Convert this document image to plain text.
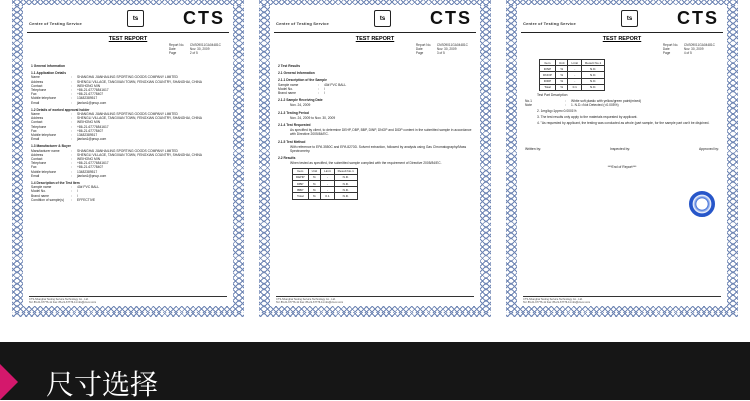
Centre of Testing Service
ts	CTS
TEST REPORT
Report No.	CNS09011GA04481C
Date	Nov. 30, 2009
Page	2 of 5
1 General Information
1.1 Application Details
Name	:	SHANGHAI JIANHAILING SPORTING GOODS COMPANY LIMITED
Address	:	SHENGLI VILLAGE, TANGXIAN TOWN, FENGXIAN COUNTRY, SHANGHAI, CHINA
Contact	:	WEIHONG MIN
Telephone	:	+86-21-67776841617
Fax	:	+86-21-67778407
Mobile telephone	:	13482389517
Email	:	jianlan1@pnup.com
1.2 Details of worked approval holder
Name	:	SHANGHAI JIANHAILING SPORTING GOODS COMPANY LIMITED
Address	:	SHENGLI VILLAGE, TANGXIAN TOWN, FENGXIAN COUNTRY, SHANGHAI, CHINA
Contact	:	WEIHONG MIN
Telephone	:	+86-21-67776841617
Fax	:	+86-21-67778407
Mobile telephone	:	13482389517
Email	:	jianlan1@pnup.com
1.3 Manufacturer & Buyer
Manufacturer name	:	SHANGHAI JIANHAILING SPORTING GOODS COMPANY LIMITED
Address	:	SHENGLI VILLAGE, TANGXIAN TOWN, FENGXIAN COUNTRY, SHANGHAI, CHINA
Contact	:	WEIHONG MIN
Telephone	:	+86-21-67776841617
Fax	:	+86-21-67778407
Mobile telephone	:	13482389517
Email	:	jianlan1@pnup.com
1.4 Description of the Test Item
Sample name	:	40# PVC BALL
Model No.	:	/
Brand name	:	/
Condition of sample(s)	:	EFFECTIVE
CTS-Shanghai Testing Service Technology Co., Ltd.
Tel: 86-21-67776-11 Fax: 86-21-67776-11 info@cts-tc.com
Centre of Testing Service
ts	CTS
TEST REPORT
Report No.	CNS09011GA04481C
Date	Nov. 30, 2009
Page	3 of 5
2 Test Results
2.1 General Information
2.1.1 Description of the Sample
Sample name	:	40# PVC BALL
Model No.	:	/
Brand name	:	/
2.1.2 Sample Receiving Date
Nov. 24, 2009
2.1.3 Testing Period
Nov. 24, 2009 to Nov. 30, 2009
2.1.4 Test Requested
As specified by client, to determine DEHP, DBP, BBP, DINP, DNOP and DIDP content in the submitted sample in accordance with Directive 2005/84/EC.
2.1.5 Test Method
With reference to EPA 3550C and EPA 8270D. Solvent extraction, followed by analysis using Gas Chromatography/Mass Spectrometry.
2.2 Results
When tested as specified, the submitted sample complied with the requirement of Directive 2005/84/EC.
Item	Unit	Limit	Result No.1
DEHP	%	-	N.D.
DBP	%	-	N.D.
BBP	%	-	N.D.
Total	%	0.1	N.D.
CTS-Shanghai Testing Service Technology Co., Ltd.
Tel: 86-21-67776-11 Fax: 86-21-67776-11 info@cts-tc.com
Centre of Testing Service
ts	CTS
TEST REPORT
Report No.	CNS09011GA04481C
Date	Nov. 30, 2009
Page	4 of 5
Item	Unit	Limit	Result No.1
DINP	%	-	N.D.
DNOP	%	-	N.D.
DIDP	%	-	N.D.
Total	%	0.1	N.D.
Test Part Description
No.1	:	White soft plastic with yellow/green paint(mixed)
Note	:	1. N.D.=Not Detected (<0.005%)
2. 1mg/kg=1ppm=0.0001%
3. The test results only apply to the materials requested by applicant.
4. "As requested by applicant, the testing was conducted as whole (part sample, for the sample part can't be disjoined.
Written by:	Inspected by:	Approved by:
***End of Report***
CTS-Shanghai Testing Service Technology Co., Ltd.
Tel: 86-21-67776-11 Fax: 86-21-67776-11 info@cts-tc.com
尺寸选择
